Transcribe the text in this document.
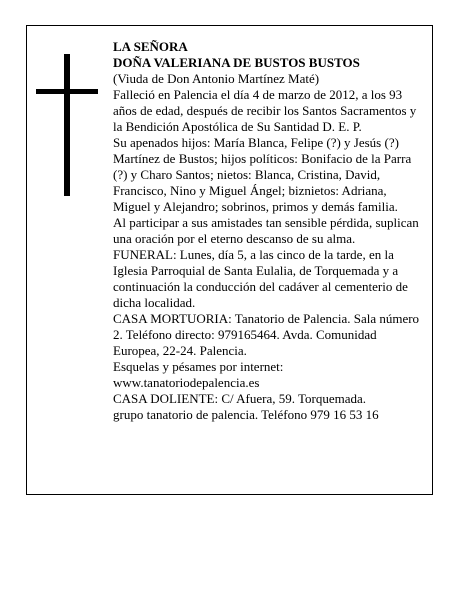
LA SEÑORA

DOÑA VALERIANA DE BUSTOS BUSTOS

(Viuda de Don Antonio Martínez Maté)

Falleció en Palencia el día 4 de marzo de 2012, a los 93 años de edad, después de recibir los Santos Sacramentos y la Bendición Apostólica de Su Santidad D. E. P.

Su apenados hijos: María Blanca, Felipe (?) y Jesús (?) Martínez de Bustos; hijos políticos: Bonifacio de la Parra (?) y Charo Santos; nietos: Blanca, Cristina, David, Francisco, Nino y Miguel Ángel; biznietos: Adriana, Miguel y Alejandro; sobrinos, primos y demás familia.

Al participar a sus amistades tan sensible pérdida, suplican una oración por el eterno descanso de su alma.

FUNERAL: Lunes, día 5, a las cinco de la tarde, en la Iglesia Parroquial de Santa Eulalia, de Torquemada y a continuación la conducción del cadáver al cementerio de dicha localidad.

CASA MORTUORIA: Tanatorio de Palencia. Sala número 2. Teléfono directo: 979165464. Avda. Comunidad Europea, 22-24. Palencia.

Esquelas y pésames por internet: www.tanatoriodepalencia.es

CASA DOLIENTE: C/ Afuera, 59. Torquemada.

grupo tanatorio de palencia. Teléfono 979 16 53 16
